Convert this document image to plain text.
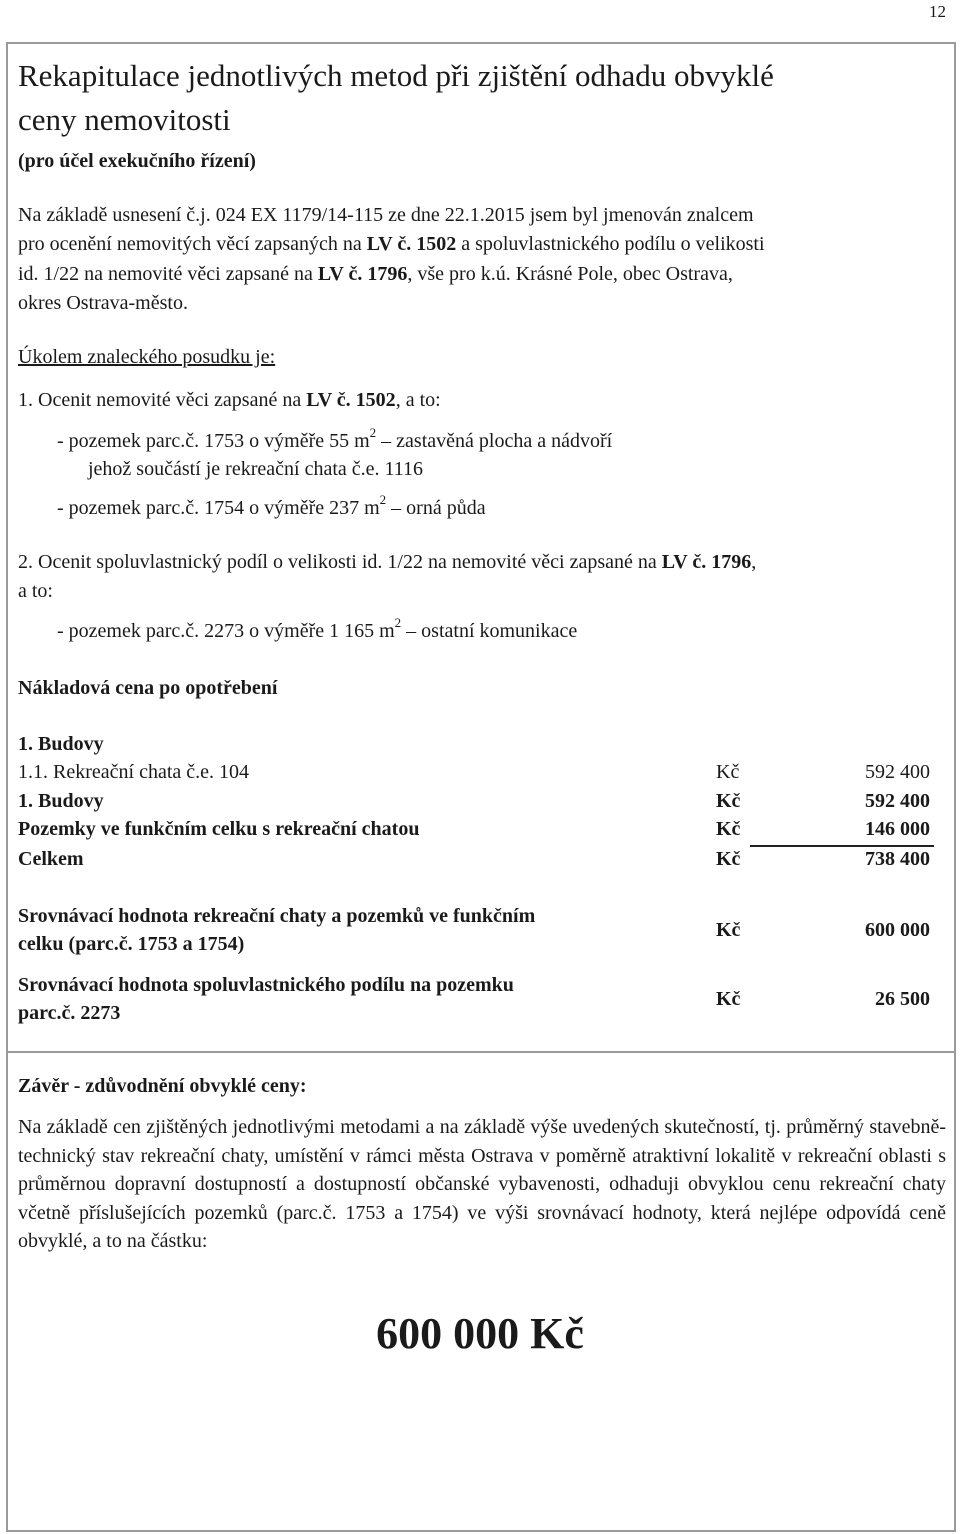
12
Rekapitulace jednotlivých metod při zjištění odhadu obvyklé
ceny nemovitosti
(pro účel exekučního řízení)
Na základě usnesení č.j. 024 EX 1179/14-115 ze dne 22.1.2015 jsem byl jmenován znalcem
pro ocenění nemovitých věcí zapsaných na LV č. 1502 a spoluvlastnického podílu o velikosti
id. 1/22 na nemovité věci zapsané na LV č. 1796, vše pro k.ú. Krásné Pole, obec Ostrava,
okres Ostrava-město.
Úkolem znaleckého posudku je:
1. Ocenit nemovité věci zapsané na LV č. 1502, a to:
- pozemek parc.č. 1753 o výměře 55 $m^2$ – zastavěná plocha a nádvoří
jehož součástí je rekreační chata č.e. 1116
- pozemek parc.č. 1754 o výměře 237 $m^2$ – orná půda
2. Ocenit spoluvlastnický podíl o velikosti id. 1/22 na nemovité věci zapsané na LV č. 1796,
a to:
- pozemek parc.č. 2273 o výměře 1 165 $m^2$ – ostatní komunikace
Nákladová cena po opotřebení
1. Budovy
1.1. Rekreační chata č.e. 104	Kč	592 400
1. Budovy	Kč	592 400
Pozemky ve funkčním celku s rekreační chatou	Kč	146 000
Celkem	Kč	738 400
Srovnávací hodnota rekreační chaty a pozemků ve funkčním
celku (parc.č. 1753 a 1754)
Kč	600 000
Srovnávací hodnota spoluvlastnického podílu na pozemku
parc.č. 2273
Kč	26 500
Závěr - zdůvodnění obvyklé ceny:
Na základě cen zjištěných jednotlivými metodami a na základě výše uvedených skutečností, tj. průměrný stavebně-technický stav rekreační chaty, umístění v rámci města Ostrava v poměrně atraktivní lokalitě v rekreační oblasti s průměrnou dopravní dostupností a dostupností občanské vybavenosti, odhaduji obvyklou cenu rekreační chaty včetně příslušejících pozemků (parc.č. 1753 a 1754) ve výši srovnávací hodnoty, která nejlépe odpovídá ceně obvyklé, a to na částku:
600 000 Kč
